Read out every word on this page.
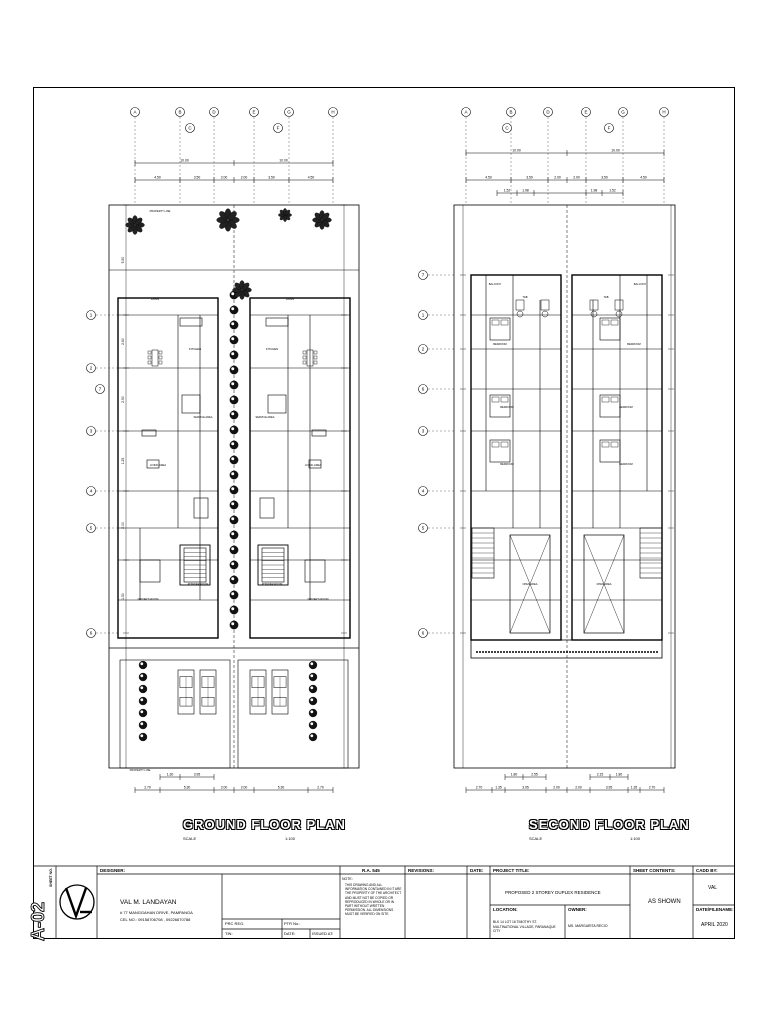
A	B	D	E	G	H
C	F
1
2
3
4
5
6
7
10.00	10.00
4.50	3.50	2.00	2.00	3.50	4.50
1.30	3.95
2.70	5.30	2.00	2.00	5.30	2.70
5.50
2.60
2.50
1.25
2.00
1.50
PROPERTY LINE
LAWN	LAWN
KITCHEN	KITCHEN
SERVICE AREA	SERVICE AREA
LIVING AREA	LIVING AREA
POWDER ROOM	POWDER ROOM
DRIVER'S ROOM	DRIVER'S ROOM
PROPERTY LINE
A	B	D	E	G	H
C	F
7
1
2
6
3
4
5
6
10.00	10.00
4.50	3.50	2.00	2.00	3.50	4.50
1.52	1.98	1.98	1.52
1.80	2.55	2.15	1.80
2.70	1.35	3.95	2.00	2.00	3.95	1.35	2.70
BALCONY	BALCONY
T&B	T&B
BEDROOM	BEDROOM
BEDROOM	BEDROOM
BEDROOM	BEDROOM
OPEN AREA	OPEN AREA
GROUND FLOOR PLAN
SCALE	1:100
SECOND FLOOR PLAN
SCALE	1:100
A-02
SHEET NO.	DESIGNER:
VAL M. LANDAYAN
# 77 MANGGAHAN DRIVE, PAMPANGA
CEL NO.: 09158706708 , 09226670788
PRC REG.	PTR No.:
TIN:	DATE:	ISSUED AT:
R.A. 545
NOTE:
THIS DRAWING AND ALL INFORMATION CONTAINED IN IT ARE THE PROPERTY OF THE ARCHITECT AND MUST NOT BE COPIED OR REPRODUCED IN WHOLE OR IN PART WITHOUT WRITTEN PERMISSION. ALL DIMENSIONS MUST BE VERIFIED ON SITE.
REVISIONS:	DATE: PROJECT TITLE:
PROPOSED 2 STOREY DUPLEX RESIDENCE
LOCATION:
BLK 14 LOT 16 TIMOTHY ST. MULTINATIONAL VILLAGE, PARANAQUE CITY
OWNER:
MS. MARGARITA RECIO
SHEET CONTENTS:
AS SHOWN
CADD BY:
VAL
DATE/FILENAME:
APRIL 2020
